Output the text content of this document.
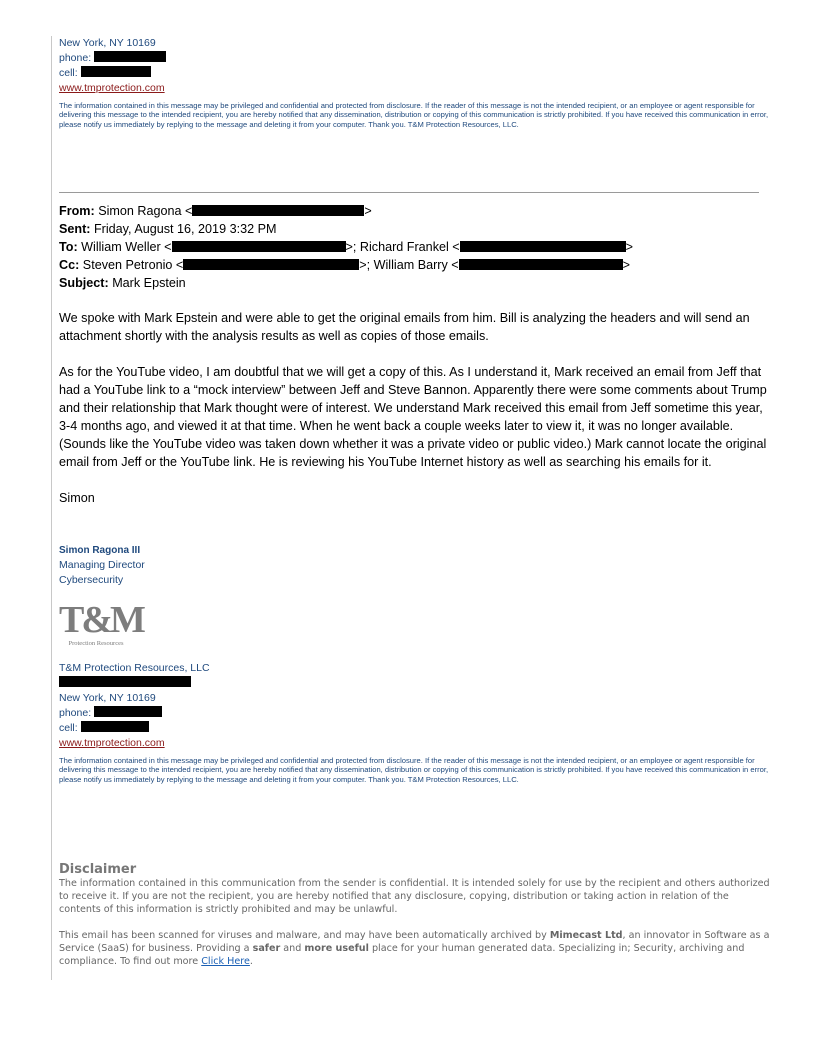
New York, NY 10169
phone:
cell:
www.tmprotection.com
The information contained in this message may be privileged and confidential and protected from disclosure. If the reader of this message is not the intended recipient, or an employee or agent responsible for delivering this message to the intended recipient, you are hereby notified that any dissemination, distribution or copying of this communication is strictly prohibited. If you have received this communication in error, please notify us immediately by replying to the message and deleting it from your computer. Thank you. T&M Protection Resources, LLC.
From: Simon Ragona <	>
Sent: Friday, August 16, 2019 3:32 PM
To: William Weller <	>; Richard Frankel <	>
Cc: Steven Petronio <	>; William Barry <	>
Subject: Mark Epstein

We spoke with Mark Epstein and were able to get the original emails from him. Bill is analyzing the headers and will send an attachment shortly with the analysis results as well as copies of those emails.

As for the YouTube video, I am doubtful that we will get a copy of this. As I understand it, Mark received an email from Jeff that had a YouTube link to a “mock interview” between Jeff and Steve Bannon. Apparently there were some comments about Trump and their relationship that Mark thought were of interest. We understand Mark received this email from Jeff sometime this year, 3-4 months ago, and viewed it at that time. When he went back a couple weeks later to view it, it was no longer available. (Sounds like the YouTube video was taken down whether it was a private video or public video.) Mark cannot locate the original email from Jeff or the YouTube link. He is reviewing his YouTube Internet history as well as searching his emails for it.

Simon

Simon Ragona III
Managing Director
Cybersecurity
T&M
Protection Resources
T&M Protection Resources, LLC
New York, NY 10169
phone:
cell:
www.tmprotection.com
The information contained in this message may be privileged and confidential and protected from disclosure. If the reader of this message is not the intended recipient, or an employee or agent responsible for delivering this message to the intended recipient, you are hereby notified that any dissemination, distribution or copying of this communication is strictly prohibited. If you have received this communication in error, please notify us immediately by replying to the message and deleting it from your computer. Thank you. T&M Protection Resources, LLC.
Disclaimer

The information contained in this communication from the sender is confidential. It is intended solely for use by the recipient and others authorized to receive it. If you are not the recipient, you are hereby notified that any disclosure, copying, distribution or taking action in relation of the contents of this information is strictly prohibited and may be unlawful.

This email has been scanned for viruses and malware, and may have been automatically archived by Mimecast Ltd, an innovator in Software as a Service (SaaS) for business. Providing a safer and more useful place for your human generated data. Specializing in; Security, archiving and compliance. To find out more Click Here.
